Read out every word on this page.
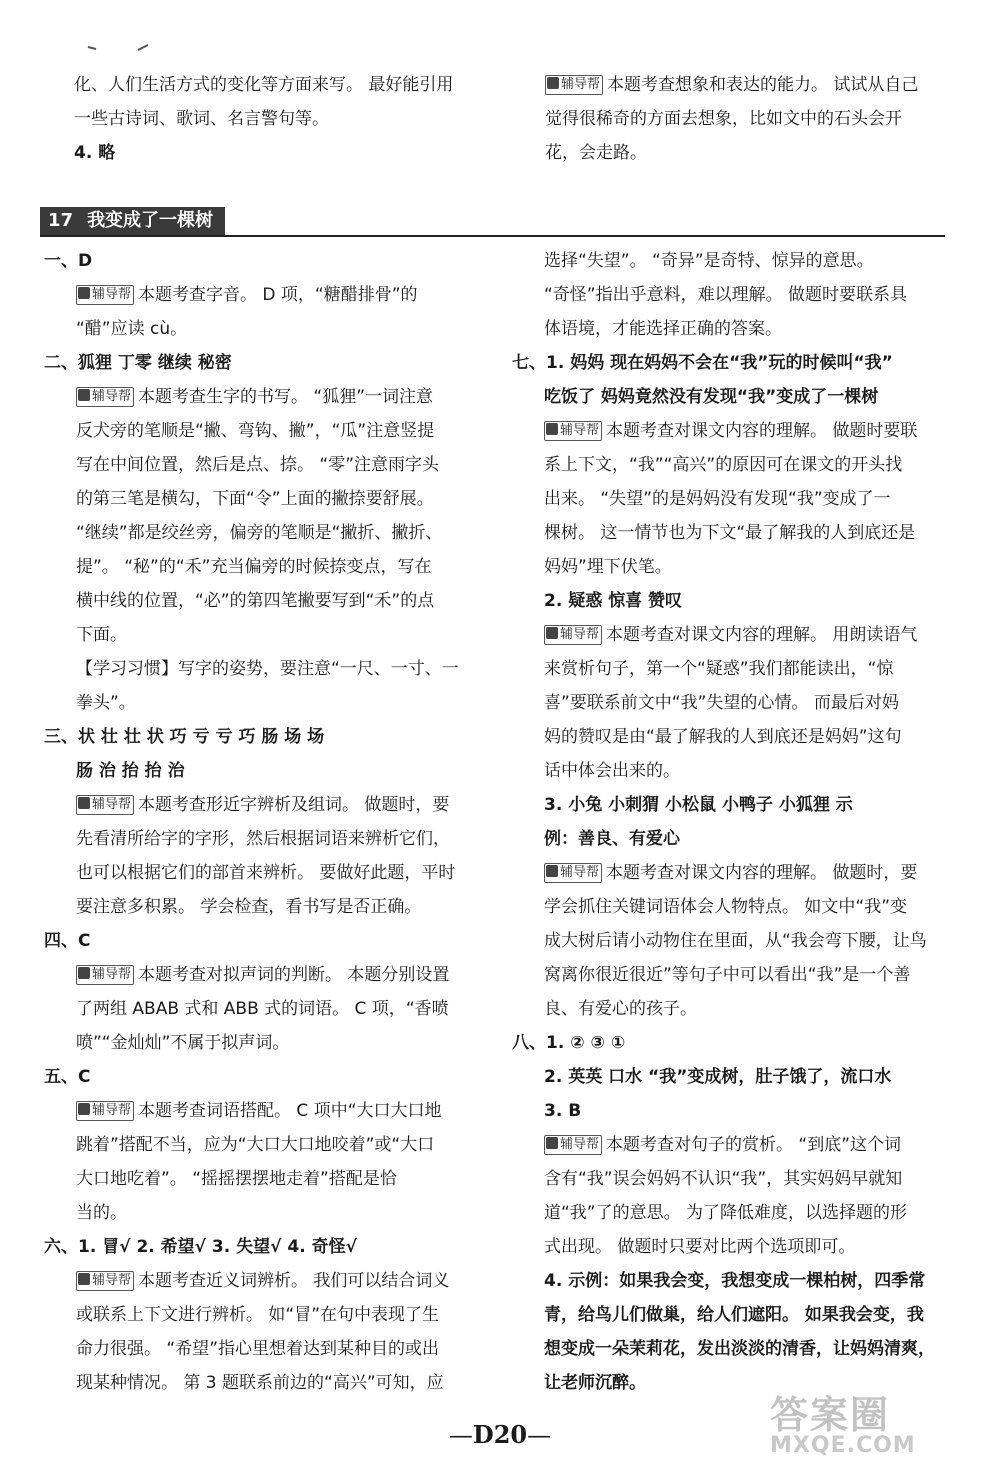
化、人们生活方式的变化等方面来写。 最好能引用
一些古诗词、歌词、名言警句等。
4. 略
辅导帮 本题考查想象和表达的能力。 试试从自己
觉得很稀奇的方面去想象，比如文中的石头会开
花，会走路。
17 我变成了一棵树
一、D
辅导帮 本题考查字音。 D 项，“糖醋排骨”的
“醋”应读 cù。
二、狐狸 丁零 继续 秘密
辅导帮 本题考查生字的书写。 “狐狸”一词注意
反犬旁的笔顺是“撇、弯钩、撇”，“瓜”注意竖提
写在中间位置，然后是点、捺。 “零”注意雨字头
的第三笔是横勾，下面“令”上面的撇捺要舒展。
“继续”都是绞丝旁，偏旁的笔顺是“撇折、撇折、
提”。 “秘”的“禾”充当偏旁的时候捺变点，写在
横中线的位置，“必”的第四笔撇要写到“禾”的点
下面。
【学习习惯】写字的姿势，要注意“一尺、一寸、一
拳头”。
三、状 壮 壮 状 巧 亏 亏 巧 肠 场 场
肠 治 抬 抬 治
辅导帮 本题考查形近字辨析及组词。 做题时，要
先看清所给字的字形，然后根据词语来辨析它们，
也可以根据它们的部首来辨析。 要做好此题，平时
要注意多积累。 学会检查，看书写是否正确。
四、C
辅导帮 本题考查对拟声词的判断。 本题分别设置
了两组 ABAB 式和 ABB 式的词语。 C 项，“香喷
喷”“金灿灿”不属于拟声词。
五、C
辅导帮 本题考查词语搭配。 C 项中“大口大口地
跳着”搭配不当，应为“大口大口地咬着”或“大口
大口地吃着”。 “摇摇摆摆地走着”搭配是恰
当的。
六、1. 冒√ 2. 希望√ 3. 失望√ 4. 奇怪√
辅导帮 本题考查近义词辨析。 我们可以结合词义
或联系上下文进行辨析。 如“冒”在句中表现了生
命力很强。 “希望”指心里想着达到某种目的或出
现某种情况。 第 3 题联系前边的“高兴”可知，应
选择“失望”。 “奇异”是奇特、惊异的意思。
“奇怪”指出乎意料，难以理解。 做题时要联系具
体语境，才能选择正确的答案。
七、1. 妈妈 现在妈妈不会在“我”玩的时候叫“我”
吃饭了 妈妈竟然没有发现“我”变成了一棵树
辅导帮 本题考查对课文内容的理解。 做题时要联
系上下文，“我”“高兴”的原因可在课文的开头找
出来。 “失望”的是妈妈没有发现“我”变成了一
棵树。 这一情节也为下文“最了解我的人到底还是
妈妈”埋下伏笔。
2. 疑惑 惊喜 赞叹
辅导帮 本题考查对课文内容的理解。 用朗读语气
来赏析句子，第一个“疑惑”我们都能读出，“惊
喜”要联系前文中“我”失望的心情。 而最后对妈
妈的赞叹是由“最了解我的人到底还是妈妈”这句
话中体会出来的。
3. 小兔 小刺猬 小松鼠 小鸭子 小狐狸 示
例：善良、有爱心
辅导帮 本题考查对课文内容的理解。 做题时，要
学会抓住关键词语体会人物特点。 如文中“我”变
成大树后请小动物住在里面，从“我会弯下腰，让鸟
窝离你很近很近”等句子中可以看出“我”是一个善
良、有爱心的孩子。
八、1. ② ③ ①
2. 英英 口水 “我”变成树，肚子饿了，流口水
3. B
辅导帮 本题考查对句子的赏析。 “到底”这个词
含有“我”误会妈妈不认识“我”，其实妈妈早就知
道“我”了的意思。 为了降低难度，以选择题的形
式出现。 做题时只要对比两个选项即可。
4. 示例：如果我会变，我想变成一棵柏树，四季常
青，给鸟儿们做巢，给人们遮阳。 如果我会变，我
想变成一朵茉莉花，发出淡淡的清香，让妈妈清爽，
让老师沉醉。
—D20—	答案圈
MXQE.COM
